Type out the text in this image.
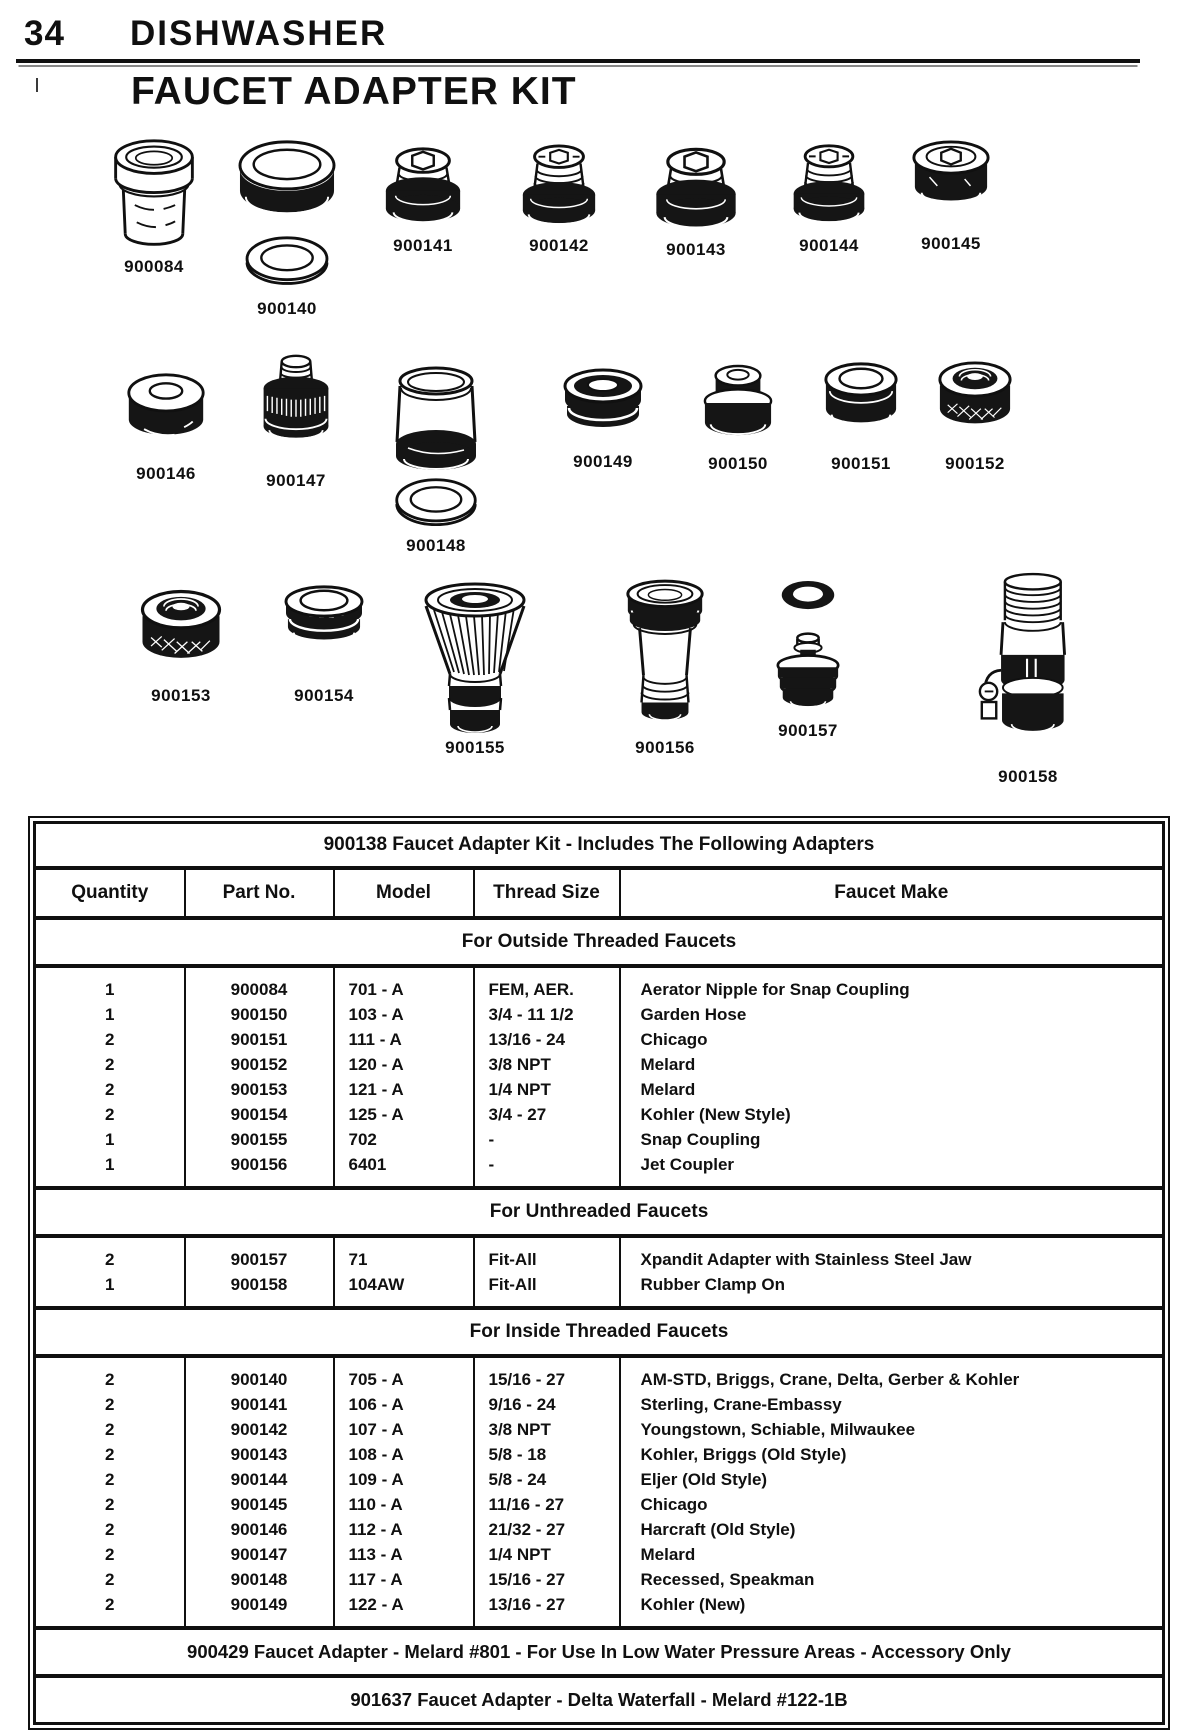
34 DISHWASHER
FAUCET ADAPTER KIT
900084
900140
900141	900142	900143	900144	900145
900146	900147
900148
900149	900150	900151	900152
900153	900154
900155	900156
900157
900158
900138 Faucet Adapter Kit - Includes The Following Adapters				
Quantity	Part No.	Model	Thread Size	Faucet Make
For Outside Threaded Faucets				

1	900084	701 - A	FEM, AER.	Aerator Nipple for Snap Coupling
1	900150	103 - A	3/4 - 11 1/2	Garden Hose
2	900151	111 - A	13/16 - 24	Chicago
2	900152	120 - A	3/8 NPT	Melard
2	900153	121 - A	1/4 NPT	Melard
2	900154	125 - A	3/4 - 27	Kohler (New Style)
1	900155	702	-	Snap Coupling
1	900156	6401	-	Jet Coupler

For Unthreaded Faucets				

2	900157	71	Fit-All	Xpandit Adapter with Stainless Steel Jaw
1	900158	104AW	Fit-All	Rubber Clamp On

For Inside Threaded Faucets				

2	900140	705 - A	15/16 - 27	AM-STD, Briggs, Crane, Delta, Gerber & Kohler
2	900141	106 - A	9/16 - 24	Sterling, Crane-Embassy
2	900142	107 - A	3/8 NPT	Youngstown, Schiable, Milwaukee
2	900143	108 - A	5/8 - 18	Kohler, Briggs (Old Style)
2	900144	109 - A	5/8 - 24	Eljer (Old Style)
2	900145	110 - A	11/16 - 27	Chicago
2	900146	112 - A	21/32 - 27	Harcraft (Old Style)
2	900147	113 - A	1/4 NPT	Melard
2	900148	117 - A	15/16 - 27	Recessed, Speakman
2	900149	122 - A	13/16 - 27	Kohler (New)

900429 Faucet Adapter - Melard #801 - For Use In Low Water Pressure Areas - Accessory Only				
901637 Faucet Adapter - Delta Waterfall - Melard #122-1B				
